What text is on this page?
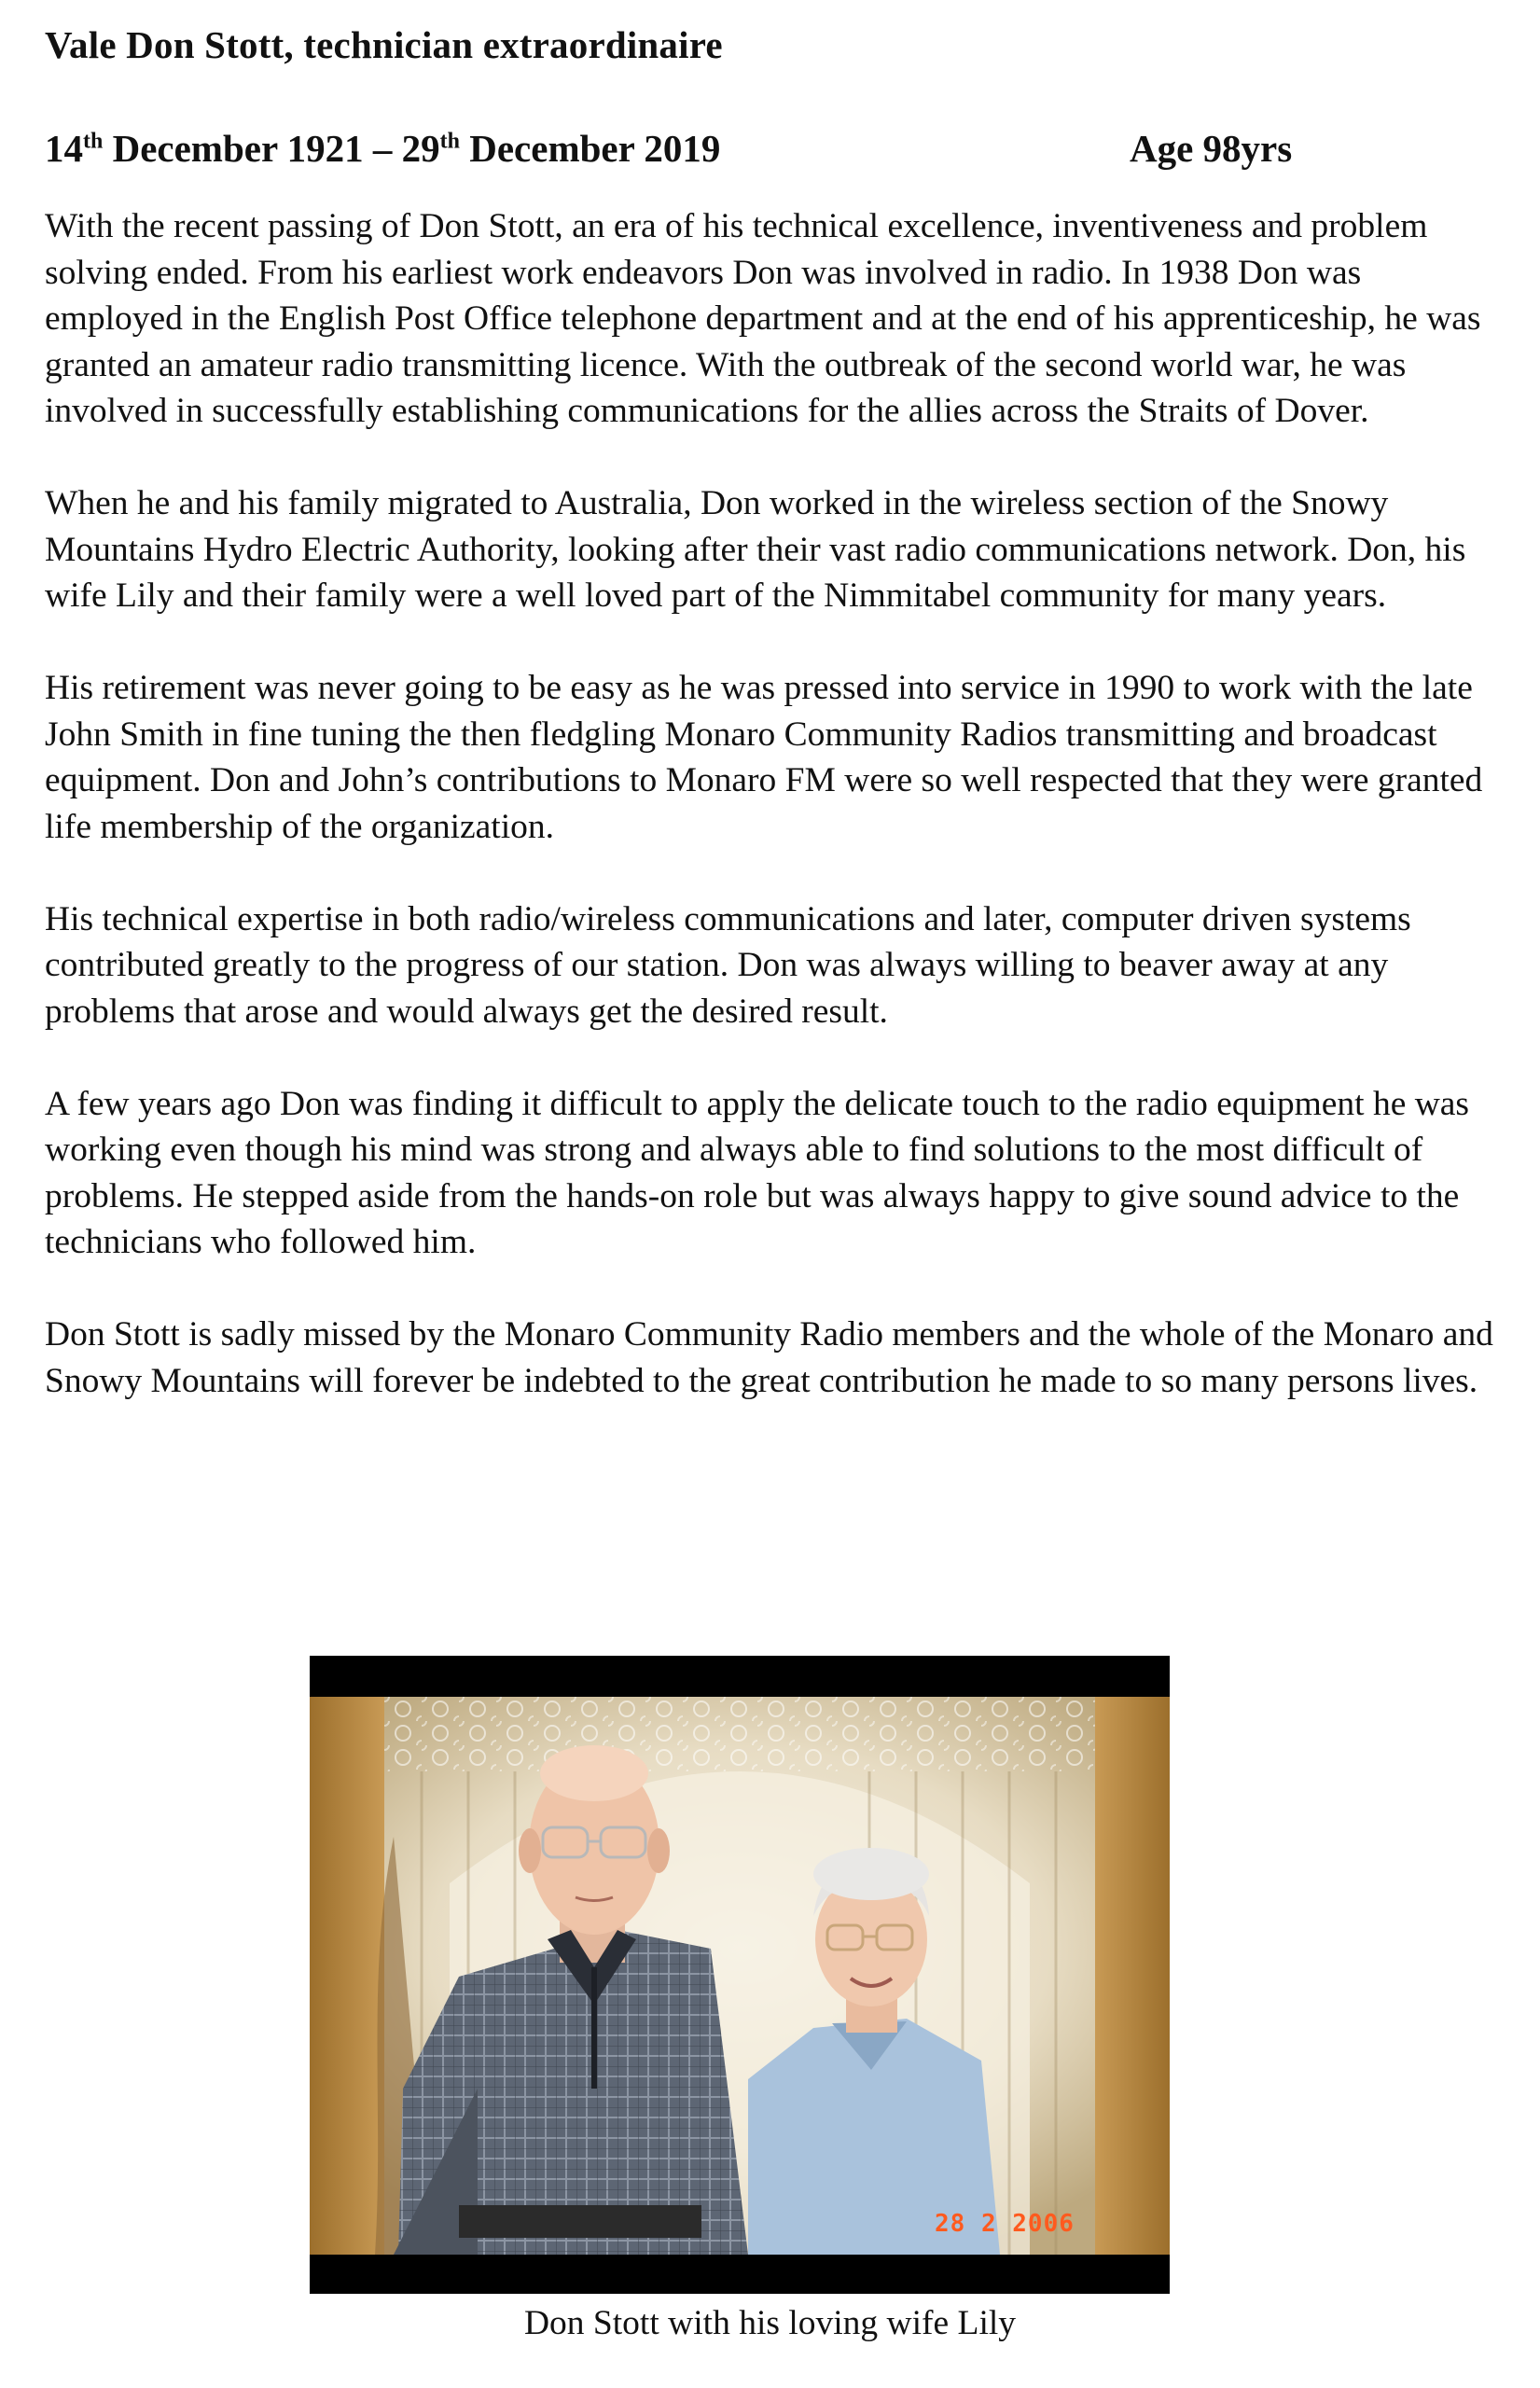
Vale Don Stott, technician extraordinaire
14th December 1921 – 29th December 2019	Age 98yrs

With the recent passing of Don Stott, an era of his technical excellence, inventiveness and problem solving ended. From his earliest work endeavors Don was involved in radio. In 1938 Don was employed in the English Post Office telephone department and at the end of his apprenticeship, he was granted an amateur radio transmitting licence. With the outbreak of the second world war, he was involved in successfully establishing communications for the allies across the Straits of Dover.

When he and his family migrated to Australia, Don worked in the wireless section of the Snowy Mountains Hydro Electric Authority, looking after their vast radio communications network. Don, his wife Lily and their family were a well loved part of the Nimmitabel community for many years.

His retirement was never going to be easy as he was pressed into service in 1990 to work with the late John Smith in fine tuning the then fledgling Monaro Community Radios transmitting and broadcast equipment. Don and John’s contributions to Monaro FM were so well respected that they were granted life membership of the organization.

His technical expertise in both radio/wireless communications and later, computer driven systems contributed greatly to the progress of our station. Don was always willing to beaver away at any problems that arose and would always get the desired result.

A few years ago Don was finding it difficult to apply the delicate touch to the radio equipment he was working even though his mind was strong and always able to find solutions to the most difficult of problems. He stepped aside from the hands-on role but was always happy to give sound advice to the technicians who followed him.

Don Stott is sadly missed by the Monaro Community Radio members and the whole of the Monaro and Snowy Mountains will forever be indebted to the great contribution he made to so many persons lives.

28 2 2006
Don Stott with his loving wife Lily
